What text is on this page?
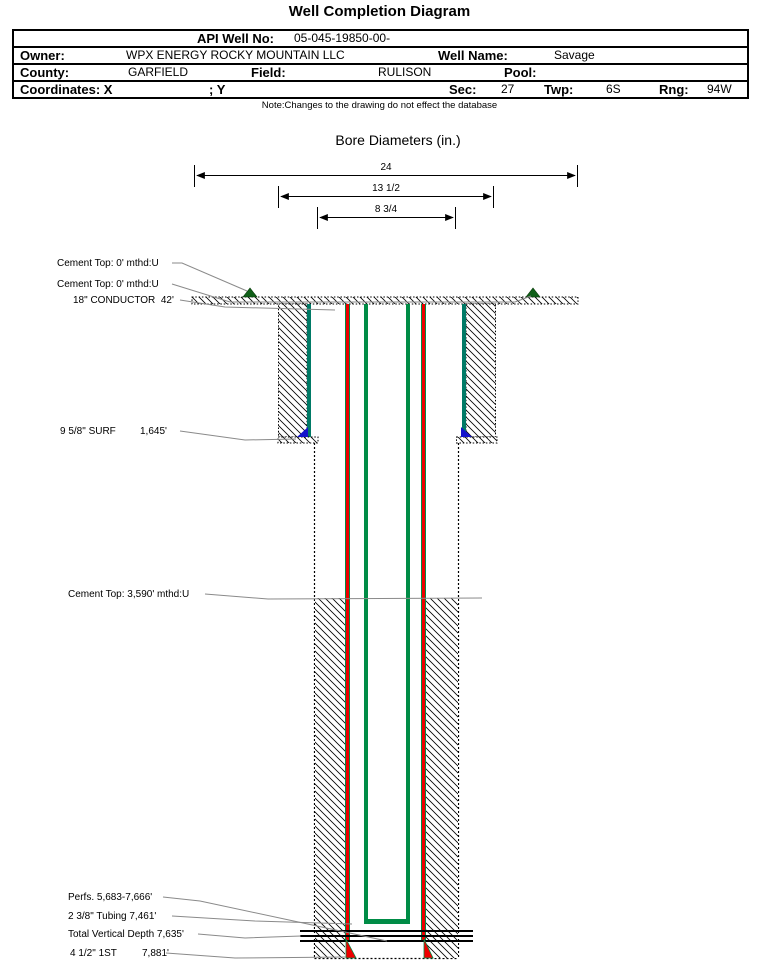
Well Completion Diagram
API Well No: 05-045-19850-00-
Owner:	WPX ENERGY ROCKY MOUNTAIN LLC	Well Name:	Savage
County:	GARFIELD	Field:	RULISON	Pool:
Coordinates: X	; Y	Sec: 27 Twp:	6S	Rng: 94W
Note:Changes to the drawing do not effect the database
Bore Diameters (in.)
24
13 1/2
8 3/4
Cement Top: 0' mthd:U
Cement Top: 0' mthd:U
18" CONDUCTOR  42'
9 5/8" SURF 1,645'
Cement Top: 3,590' mthd:U
Perfs. 5,683-7,666'
2 3/8" Tubing 7,461'
Total Vertical Depth 7,635'
4 1/2" 1ST	7,881'
